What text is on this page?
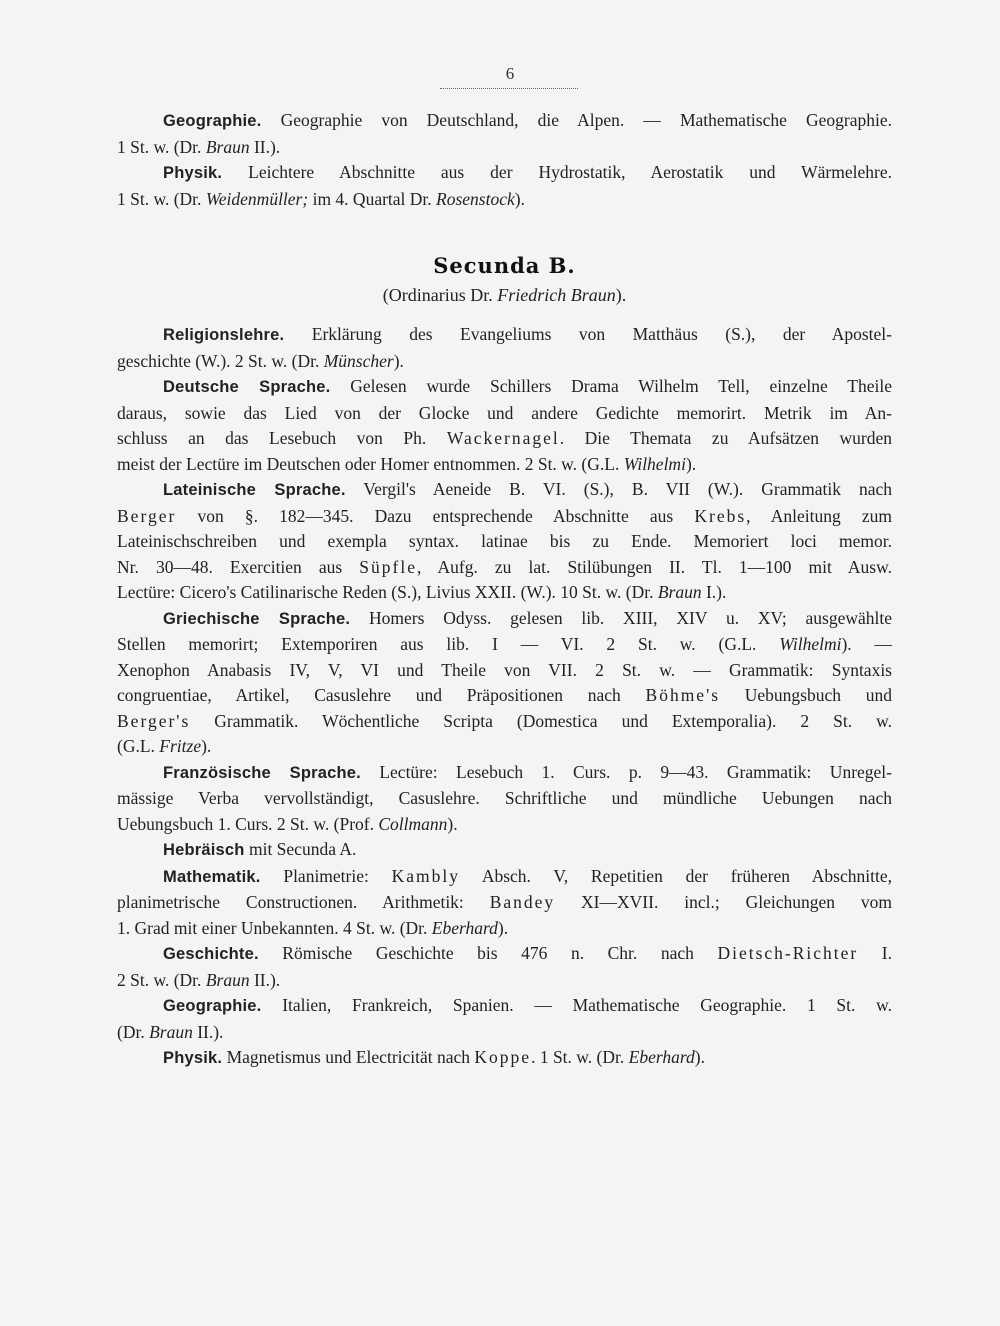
6
Geographie. Geographie von Deutschland, die Alpen. — Mathematische Geographie.
1 St. w. (Dr. Braun II.).
Physik. Leichtere Abschnitte aus der Hydrostatik, Aerostatik und Wärmelehre.
1 St. w. (Dr. Weidenmüller; im 4. Quartal Dr. Rosenstock).
Secunda B.
(Ordinarius Dr. Friedrich Braun).
Religionslehre. Erklärung des Evangeliums von Matthäus (S.), der Apostel-
geschichte (W.). 2 St. w. (Dr. Münscher).
Deutsche Sprache. Gelesen wurde Schillers Drama Wilhelm Tell, einzelne Theile
daraus, sowie das Lied von der Glocke und andere Gedichte memorirt. Metrik im An-
schluss an das Lesebuch von Ph. Wackernagel. Die Themata zu Aufsätzen wurden
meist der Lectüre im Deutschen oder Homer entnommen. 2 St. w. (G.L. Wilhelmi).
Lateinische Sprache. Vergil's Aeneide B. VI. (S.), B. VII (W.). Grammatik nach
Berger von §. 182—345. Dazu entsprechende Abschnitte aus Krebs, Anleitung zum
Lateinischschreiben und exempla syntax. latinae bis zu Ende. Memoriert loci memor.
Nr. 30—48. Exercitien aus Süpfle, Aufg. zu lat. Stilübungen II. Tl. 1—100 mit Ausw.
Lectüre: Cicero's Catilinarische Reden (S.), Livius XXII. (W.). 10 St. w. (Dr. Braun I.).
Griechische Sprache. Homers Odyss. gelesen lib. XIII, XIV u. XV; ausgewählte
Stellen memorirt; Extemporiren aus lib. I — VI. 2 St. w. (G.L. Wilhelmi). —
Xenophon Anabasis IV, V, VI und Theile von VII. 2 St. w. — Grammatik: Syntaxis
congruentiae, Artikel, Casuslehre und Präpositionen nach Böhme's Uebungsbuch und
Berger's Grammatik. Wöchentliche Scripta (Domestica und Extemporalia). 2 St. w.
(G.L. Fritze).
Französische Sprache. Lectüre: Lesebuch 1. Curs. p. 9—43. Grammatik: Unregel-
mässige Verba vervollständigt, Casuslehre. Schriftliche und mündliche Uebungen nach
Uebungsbuch 1. Curs. 2 St. w. (Prof. Collmann).
Hebräisch mit Secunda A.
Mathematik. Planimetrie: Kambly Absch. V, Repetitien der früheren Abschnitte,
planimetrische Constructionen. Arithmetik: Bandey XI—XVII. incl.; Gleichungen vom
1. Grad mit einer Unbekannten. 4 St. w. (Dr. Eberhard).
Geschichte. Römische Geschichte bis 476 n. Chr. nach Dietsch-Richter I.
2 St. w. (Dr. Braun II.).
Geographie. Italien, Frankreich, Spanien. — Mathematische Geographie. 1 St. w.
(Dr. Braun II.).
Physik. Magnetismus und Electricität nach Koppe. 1 St. w. (Dr. Eberhard).
